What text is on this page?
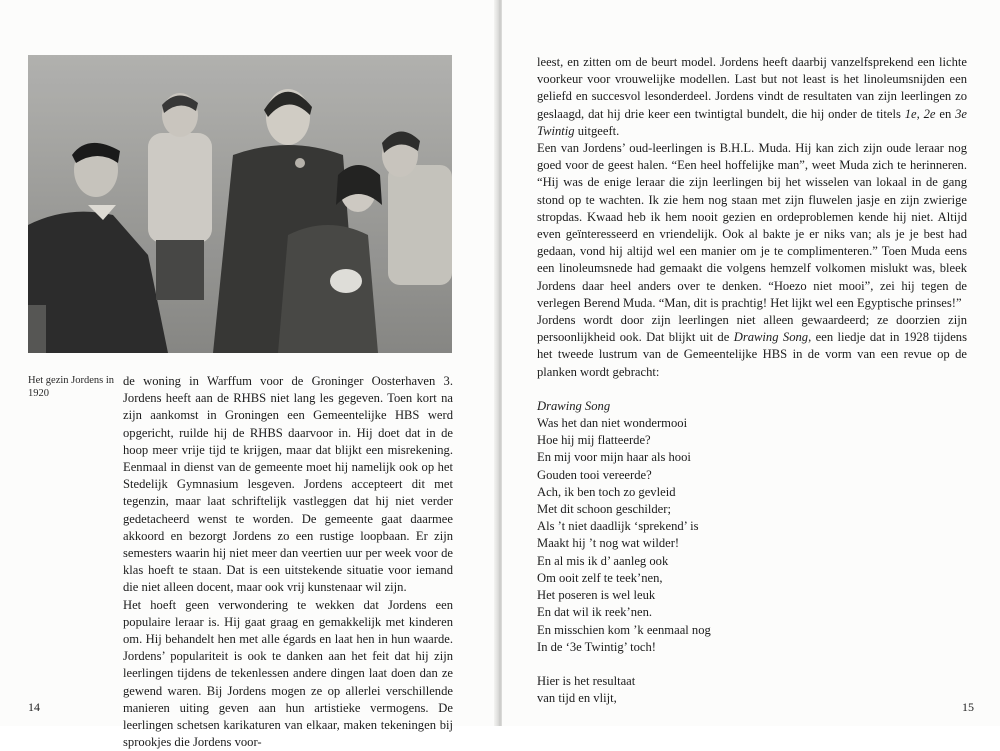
Het gezin Jordens in 1920

de woning in Warffum voor de Groninger Oosterhaven 3. Jordens heeft aan de RHBS niet lang les gegeven. Toen kort na zijn aankomst in Groningen een Gemeentelijke HBS werd opgericht, ruilde hij de RHBS daarvoor in. Hij doet dat in de hoop meer vrije tijd te krijgen, maar dat blijkt een misrekening. Eenmaal in dienst van de gemeente moet hij namelijk ook op het Stedelijk Gymnasium lesgeven. Jordens accepteert dit met tegenzin, maar laat schriftelijk vastleggen dat hij niet verder gedetacheerd wenst te worden. De gemeente gaat daarmee akkoord en bezorgt Jordens zo een rustige loopbaan. Er zijn semesters waarin hij niet meer dan veertien uur per week voor de klas hoeft te staan. Dat is een uitstekende situatie voor iemand die niet alleen docent, maar ook vrij kunstenaar wil zijn.

Het hoeft geen verwondering te wekken dat Jordens een populaire leraar is. Hij gaat graag en gemakkelijk met kinderen om. Hij behandelt hen met alle égards en laat hen in hun waarde. Jordens’ populariteit is ook te danken aan het feit dat hij zijn leerlingen tijdens de tekenlessen andere dingen laat doen dan ze gewend waren. Bij Jordens mogen ze op allerlei verschillende manieren uiting geven aan hun artistieke vermogens. De leerlingen schetsen karikaturen van elkaar, maken tekeningen bij sprookjes die Jordens voor-

14

leest, en zitten om de beurt model. Jordens heeft daarbij vanzelfsprekend een lichte voorkeur voor vrouwelijke modellen. Last but not least is het linoleumsnijden een geliefd en succesvol lesonderdeel. Jordens vindt de resultaten van zijn leerlingen zo geslaagd, dat hij drie keer een twintigtal bundelt, die hij onder de titels 1e, 2e en 3e Twintig uitgeeft.

Een van Jordens’ oud-leerlingen is B.H.L. Muda. Hij kan zich zijn oude leraar nog goed voor de geest halen. “Een heel hoffelijke man”, weet Muda zich te herinneren. “Hij was de enige leraar die zijn leerlingen bij het wisselen van lokaal in de gang stond op te wachten. Ik zie hem nog staan met zijn fluwelen jasje en zijn zwierige stropdas. Kwaad heb ik hem nooit gezien en ordeproblemen kende hij niet. Altijd even geïnteresseerd en vriendelijk. Ook al bakte je er niks van; als je je best had gedaan, vond hij altijd wel een manier om je te complimenteren.” Toen Muda eens een linoleumsnede had gemaakt die volgens hemzelf volkomen mislukt was, bleek Jordens daar heel anders over te denken. “Hoezo niet mooi”, zei hij tegen de verlegen Berend Muda. “Man, dit is prachtig! Het lijkt wel een Egyptische prinses!”

Jordens wordt door zijn leerlingen niet alleen gewaardeerd; ze doorzien zijn persoonlijkheid ook. Dat blijkt uit de Drawing Song, een liedje dat in 1928 tijdens het tweede lustrum van de Gemeentelijke HBS in de vorm van een revue op de planken wordt gebracht:

Drawing Song
Was het dan niet wondermooi
Hoe hij mij flatteerde?
En mij voor mijn haar als hooi
Gouden tooi vereerde?
Ach, ik ben toch zo gevleid
Met dit schoon geschilder;
Als ’t niet daadlijk ‘sprekend’ is
Maakt hij ’t nog wat wilder!
En al mis ik d’ aanleg ook
Om ooit zelf te teek’nen,
Het poseren is wel leuk
En dat wil ik reek’nen.
En misschien kom ’k eenmaal nog
In de ‘3e Twintig’ toch!
Hier is het resultaat
van tijd en vlijt,
15
